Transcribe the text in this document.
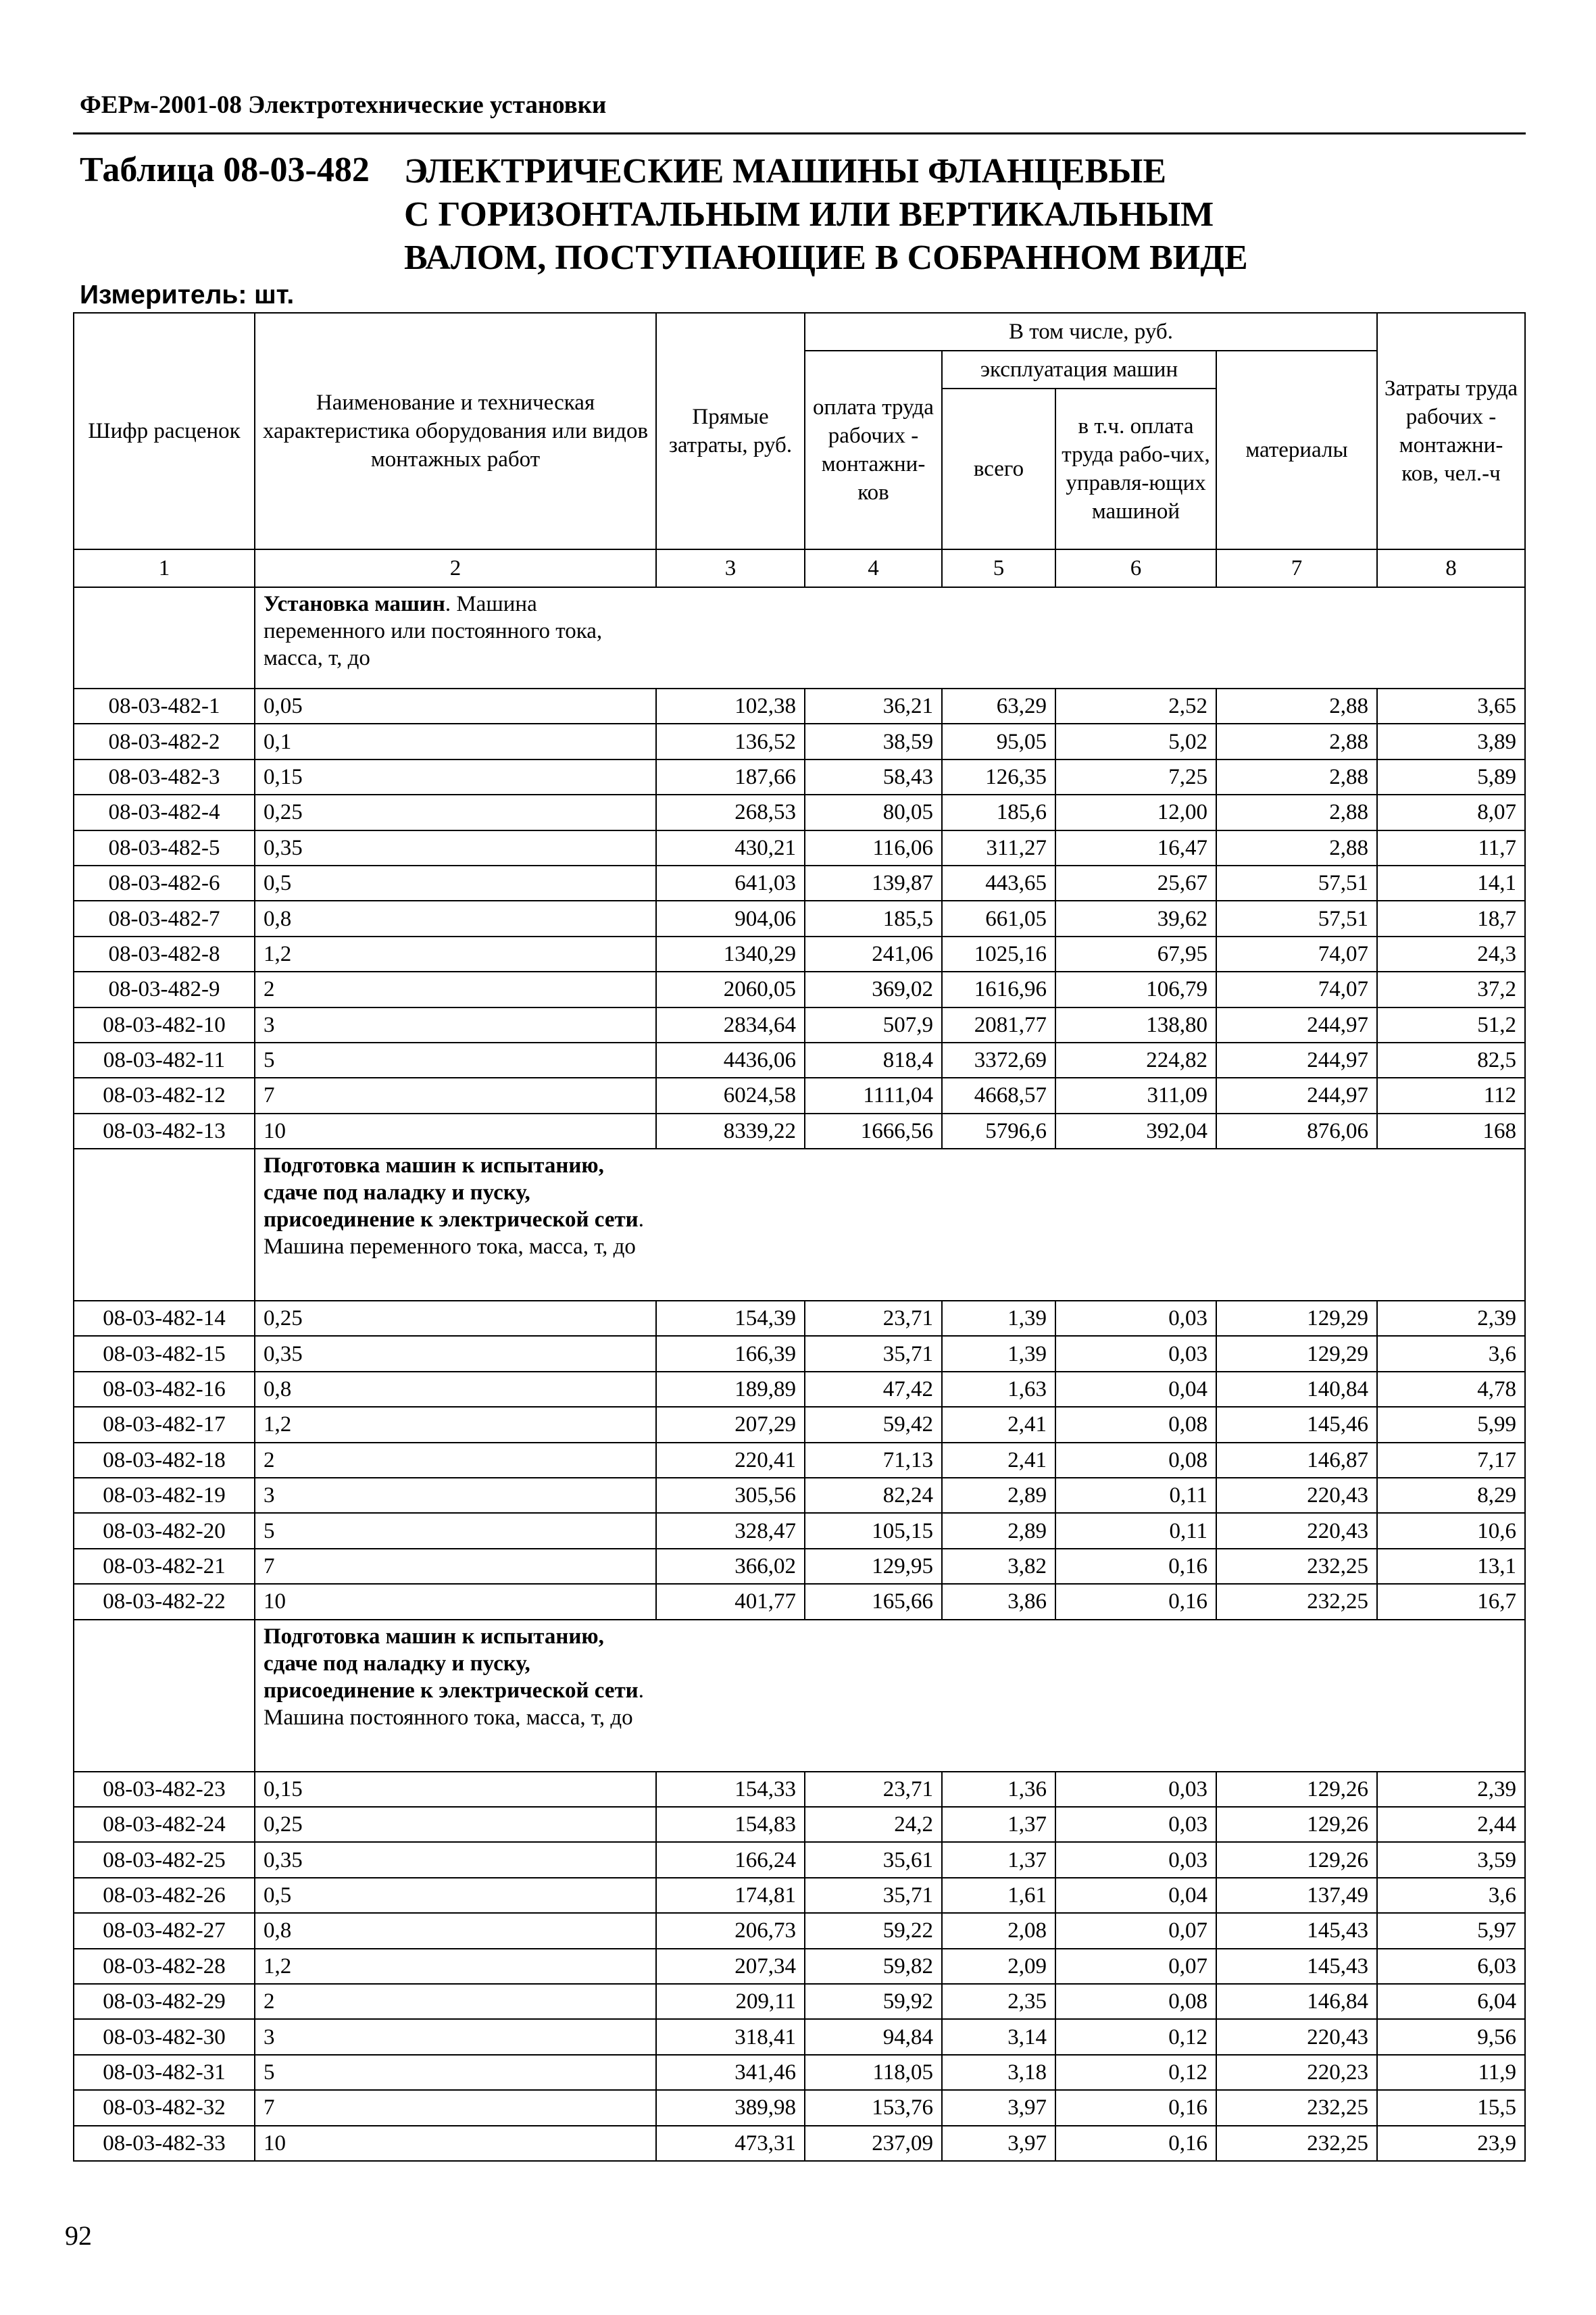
ФЕРм-2001-08 Электротехнические установки
Таблица 08-03-482 ЭЛЕКТРИЧЕСКИЕ МАШИНЫ ФЛАНЦЕВЫЕ
С ГОРИЗОНТАЛЬНЫМ ИЛИ ВЕРТИКАЛЬНЫМ
ВАЛОМ, ПОСТУПАЮЩИЕ В СОБРАННОМ ВИДЕ
Измеритель: шт.
Шифр расценок	Наименование и техническая характеристика оборудования или видов монтажных работ	Прямые затраты, руб.	В том числе, руб.				Затраты труда рабочих - монтажни-ков, чел.-ч
			оплата труда рабочих - монтажни-ков	эксплуатация машин		материалы	
				всего	в т.ч. оплата труда рабо-чих, управля-ющих машиной		
1	2	3	4	5	6	7	8
	Установка машин. Машина переменного или постоянного тока, масса, т, до						
08-03-482-1	0,05	102,38	36,21	63,29	2,52	2,88	3,65
08-03-482-2	0,1	136,52	38,59	95,05	5,02	2,88	3,89
08-03-482-3	0,15	187,66	58,43	126,35	7,25	2,88	5,89
08-03-482-4	0,25	268,53	80,05	185,6	12,00	2,88	8,07
08-03-482-5	0,35	430,21	116,06	311,27	16,47	2,88	11,7
08-03-482-6	0,5	641,03	139,87	443,65	25,67	57,51	14,1
08-03-482-7	0,8	904,06	185,5	661,05	39,62	57,51	18,7
08-03-482-8	1,2	1340,29	241,06	1025,16	67,95	74,07	24,3
08-03-482-9	2	2060,05	369,02	1616,96	106,79	74,07	37,2
08-03-482-10	3	2834,64	507,9	2081,77	138,80	244,97	51,2
08-03-482-11	5	4436,06	818,4	3372,69	224,82	244,97	82,5
08-03-482-12	7	6024,58	1111,04	4668,57	311,09	244,97	112
08-03-482-13	10	8339,22	1666,56	5796,6	392,04	876,06	168
	Подготовка машин к испытанию, сдаче под наладку и пуску, присоединение к электрической сети. Машина переменного тока, масса, т, до						
08-03-482-14	0,25	154,39	23,71	1,39	0,03	129,29	2,39
08-03-482-15	0,35	166,39	35,71	1,39	0,03	129,29	3,6
08-03-482-16	0,8	189,89	47,42	1,63	0,04	140,84	4,78
08-03-482-17	1,2	207,29	59,42	2,41	0,08	145,46	5,99
08-03-482-18	2	220,41	71,13	2,41	0,08	146,87	7,17
08-03-482-19	3	305,56	82,24	2,89	0,11	220,43	8,29
08-03-482-20	5	328,47	105,15	2,89	0,11	220,43	10,6
08-03-482-21	7	366,02	129,95	3,82	0,16	232,25	13,1
08-03-482-22	10	401,77	165,66	3,86	0,16	232,25	16,7
	Подготовка машин к испытанию, сдаче под наладку и пуску, присоединение к электрической сети. Машина постоянного тока, масса, т, до						
08-03-482-23	0,15	154,33	23,71	1,36	0,03	129,26	2,39
08-03-482-24	0,25	154,83	24,2	1,37	0,03	129,26	2,44
08-03-482-25	0,35	166,24	35,61	1,37	0,03	129,26	3,59
08-03-482-26	0,5	174,81	35,71	1,61	0,04	137,49	3,6
08-03-482-27	0,8	206,73	59,22	2,08	0,07	145,43	5,97
08-03-482-28	1,2	207,34	59,82	2,09	0,07	145,43	6,03
08-03-482-29	2	209,11	59,92	2,35	0,08	146,84	6,04
08-03-482-30	3	318,41	94,84	3,14	0,12	220,43	9,56
08-03-482-31	5	341,46	118,05	3,18	0,12	220,23	11,9
08-03-482-32	7	389,98	153,76	3,97	0,16	232,25	15,5
08-03-482-33	10	473,31	237,09	3,97	0,16	232,25	23,9
92
